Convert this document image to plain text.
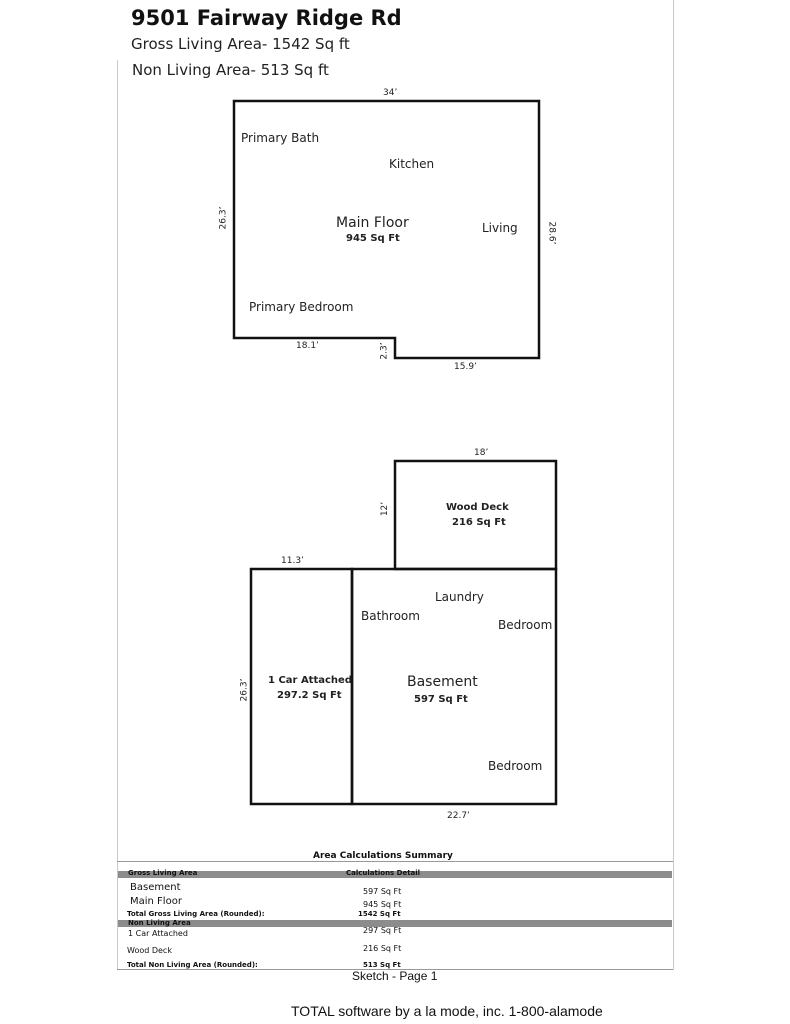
9501 Fairway Ridge Rd
Gross Living Area- 1542 Sq ft
Non Living Area- 513 Sq ft
34’
26.3’
28.6’
18.1’	2.3’
15.9’
Primary Bath
Kitchen
Main Floor
945 Sq Ft
Living
Primary Bedroom
18’
12’	Wood Deck
216 Sq Ft
11.3’
26.3’ 1 Car Attached
297.2 Sq Ft
Laundry
Bathroom
Bedroom
Basement
597 Sq Ft
Bedroom
22.7’
Area Calculations Summary
Gross Living Area	Calculations Detail
Basement	597 Sq Ft
Main Floor	945 Sq Ft
Total Gross Living Area (Rounded):	1542 Sq Ft
Non Living Area
1 Car Attached	297 Sq Ft
Wood Deck	216 Sq Ft
Total Non Living Area (Rounded):	513 Sq Ft
Sketch - Page 1
TOTAL software by a la mode, inc. 1-800-alamode
